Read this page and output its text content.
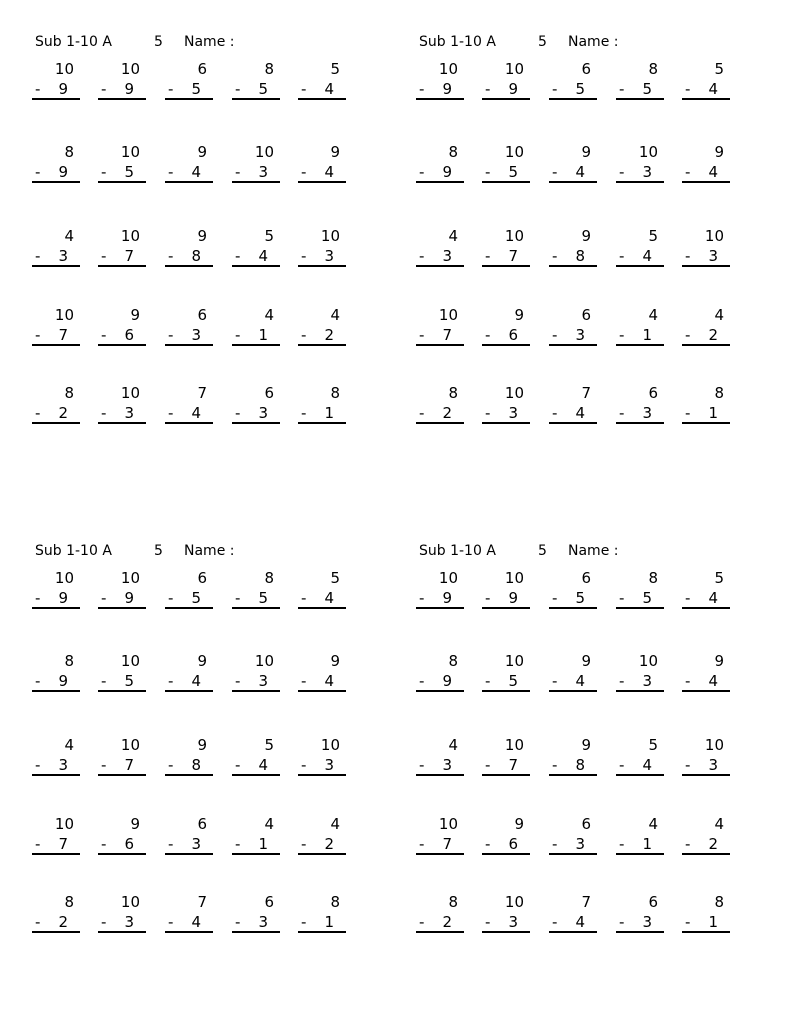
Sub 1-10 A	5 Name :
10
- 9
10
- 9
6
- 5
8
- 5
5
- 4
8
- 9
10
- 5
9
- 4
10
- 3
9
- 4
4
- 3
10
- 7
9
- 8
5
- 4
10
- 3
10
- 7
9
- 6
6
- 3
4
- 1
4
- 2
8
- 2
10
- 3
7
- 4
6
- 3
8
- 1
Sub 1-10 A	5 Name :
10
- 9
10
- 9
6
- 5
8
- 5
5
- 4
8
- 9
10
- 5
9
- 4
10
- 3
9
- 4
4
- 3
10
- 7
9
- 8
5
- 4
10
- 3
10
- 7
9
- 6
6
- 3
4
- 1
4
- 2
8
- 2
10
- 3
7
- 4
6
- 3
8
- 1
Sub 1-10 A	5 Name :
10
- 9
10
- 9
6
- 5
8
- 5
5
- 4
8
- 9
10
- 5
9
- 4
10
- 3
9
- 4
4
- 3
10
- 7
9
- 8
5
- 4
10
- 3
10
- 7
9
- 6
6
- 3
4
- 1
4
- 2
8
- 2
10
- 3
7
- 4
6
- 3
8
- 1
Sub 1-10 A	5 Name :
10
- 9
10
- 9
6
- 5
8
- 5
5
- 4
8
- 9
10
- 5
9
- 4
10
- 3
9
- 4
4
- 3
10
- 7
9
- 8
5
- 4
10
- 3
10
- 7
9
- 6
6
- 3
4
- 1
4
- 2
8
- 2
10
- 3
7
- 4
6
- 3
8
- 1
